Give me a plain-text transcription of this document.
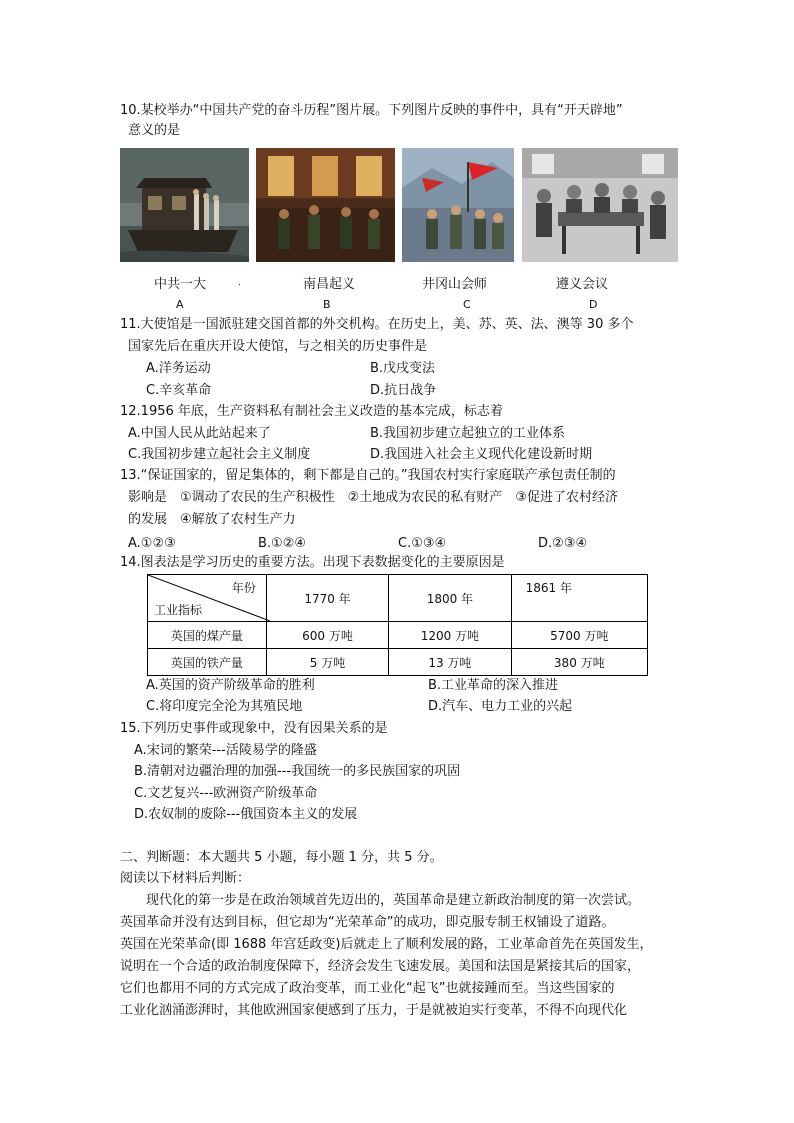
10.某校举办“中国共产党的奋斗历程”图片展。下列图片反映的事件中，具有“开天辟地”
意义的是
中共一大	.	南昌起义	井冈山会师	遵义会议
A	B	C	D
11.大使馆是一国派驻建交国首都的外交机构。在历史上，美、苏、英、法、澳等 30 多个
国家先后在重庆开设大使馆，与之相关的历史事件是
A.洋务运动	B.戊戌变法
C.辛亥革命	D.抗日战争
12.1956 年底，生产资料私有制社会主义改造的基本完成，标志着
A.中国人民从此站起来了	B.我国初步建立起独立的工业体系
C.我国初步建立起社会主义制度	D.我国进入社会主义现代化建设新时期
13.“保证国家的，留足集体的，剩下都是自己的。”我国农村实行家庭联产承包责任制的
影响是　①调动了农民的生产积极性　②土地成为农民的私有财产　③促进了农村经济
的发展　④解放了农村生产力
A.①②③	B.①②④	C.①③④	D.②③④
14.图表法是学习历史的重要方法。出现下表数据变化的主要原因是
年份
工业指标	1770 年	1800 年	1861 年
英国的煤产量	600 万吨	1200 万吨	5700 万吨
英国的铁产量	5 万吨	13 万吨	380 万吨
A.英国的资产阶级革命的胜利	B.工业革命的深入推进
C.将印度完全沦为其殖民地	D.汽车、电力工业的兴起
15.下列历史事件或现象中，没有因果关系的是
A.宋词的繁荣---活陵易学的隆盛
B.清朝对边疆治理的加强---我国统一的多民族国家的巩固
C.文艺复兴---欧洲资产阶级革命
D.农奴制的废除---俄国资本主义的发展
二、判断题：本大题共 5 小题，每小题 1 分，共 5 分。
阅读以下材料后判断：
　　现代化的第一步是在政治领域首先迈出的，英国革命是建立新政治制度的第一次尝试。
英国革命并没有达到目标，但它却为“光荣革命”的成功，即克服专制王权铺设了道路。
英国在光荣革命(即 1688 年宫廷政变)后就走上了顺利发展的路，工业革命首先在英国发生，
说明在一个合适的政治制度保障下，经济会发生飞速发展。美国和法国是紧接其后的国家，
它们也都用不同的方式完成了政治变革，而工业化“起飞”也就接踵而至。当这些国家的
工业化汹涌澎湃时，其他欧洲国家便感到了压力，于是就被迫实行变革，不得不向现代化
